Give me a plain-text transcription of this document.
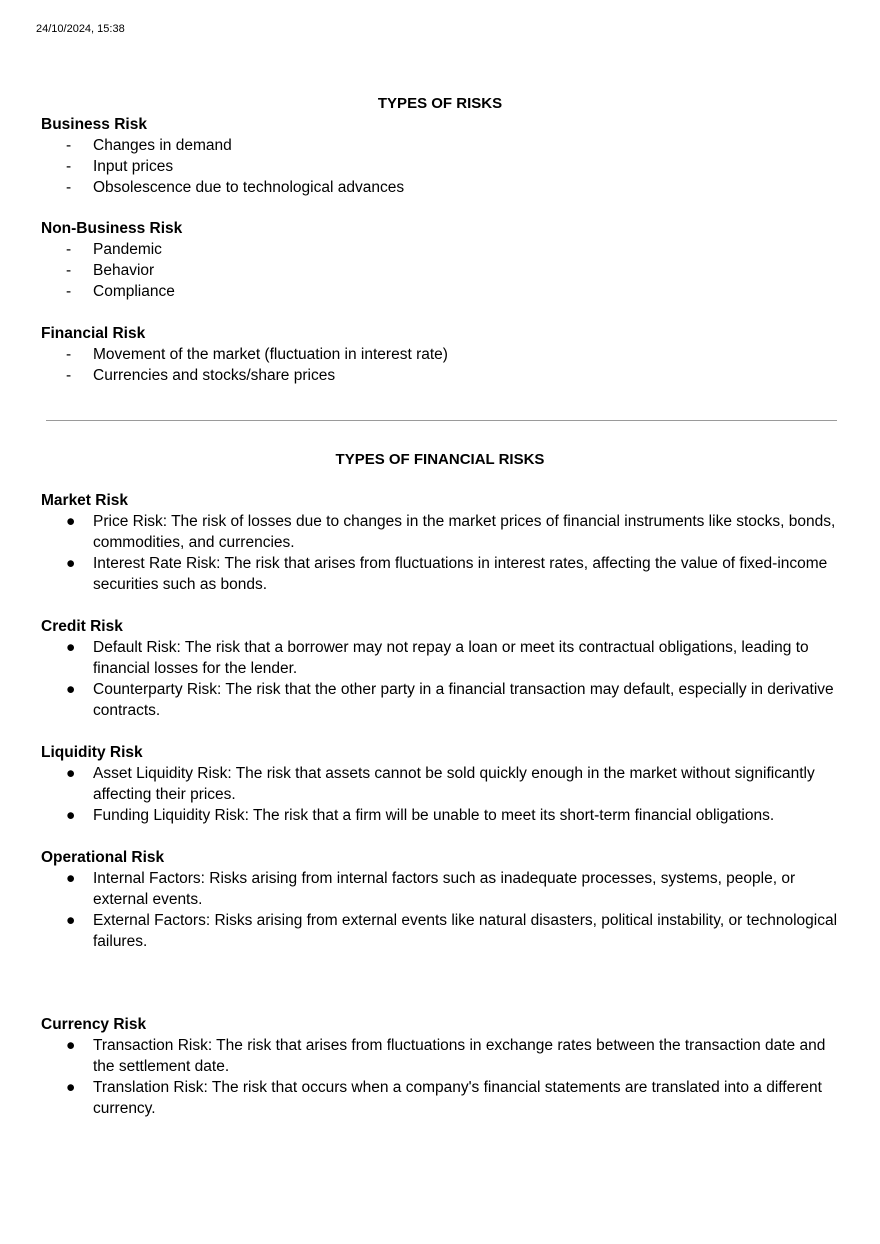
24/10/2024, 15:38
TYPES OF RISKS
Business Risk
-	Changes in demand
-	Input prices
-	Obsolescence due to technological advances
Non-Business Risk
-	Pandemic
-	Behavior
-	Compliance
Financial Risk
-	Movement of the market (fluctuation in interest rate)
-	Currencies and stocks/share prices
TYPES OF FINANCIAL RISKS
Market Risk
● Price Risk: The risk of losses due to changes in the market prices of financial instruments like stocks, bonds, commodities, and currencies.
● Interest Rate Risk: The risk that arises from fluctuations in interest rates, affecting the value of fixed-income securities such as bonds.
Credit Risk
● Default Risk: The risk that a borrower may not repay a loan or meet its contractual obligations, leading to financial losses for the lender.
● Counterparty Risk: The risk that the other party in a financial transaction may default, especially in derivative contracts.
Liquidity Risk
● Asset Liquidity Risk: The risk that assets cannot be sold quickly enough in the market without significantly affecting their prices.
● Funding Liquidity Risk: The risk that a firm will be unable to meet its short-term financial obligations.
Operational Risk
● Internal Factors: Risks arising from internal factors such as inadequate processes, systems, people, or external events.
● External Factors: Risks arising from external events like natural disasters, political instability, or technological failures.
Currency Risk
● Transaction Risk: The risk that arises from fluctuations in exchange rates between the transaction date and the settlement date.
● Translation Risk: The risk that occurs when a company's financial statements are translated into a different currency.
